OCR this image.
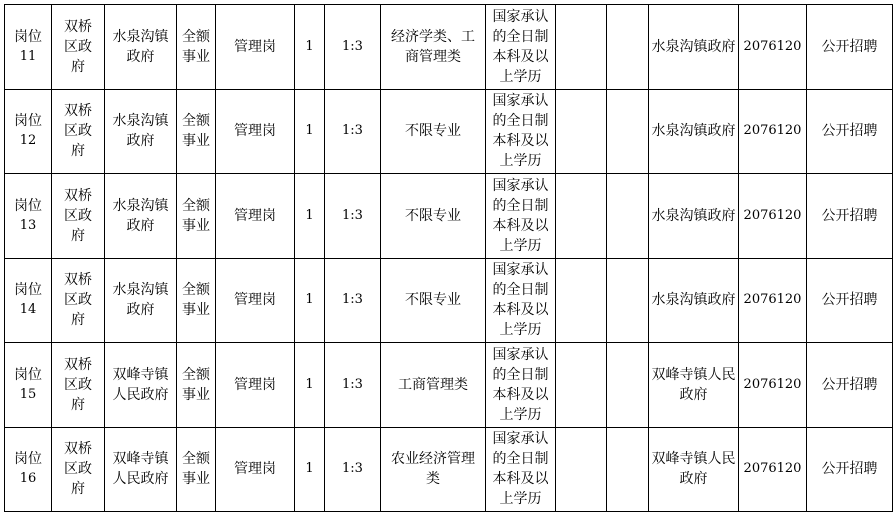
岗位
11	双桥区政府	水泉沟镇政府	全额事业	管理岗	1	1:3	经济学类、工商管理类	国家承认的全日制本科及以上学历			水泉沟镇政府	2076120	公开招聘

岗位
12	双桥区政府	水泉沟镇政府	全额事业	管理岗	1	1:3	不限专业	国家承认的全日制本科及以上学历			水泉沟镇政府	2076120	公开招聘

岗位
13	双桥区政府	水泉沟镇政府	全额事业	管理岗	1	1:3	不限专业	国家承认的全日制本科及以上学历			水泉沟镇政府	2076120	公开招聘

岗位
14	双桥区政府	水泉沟镇政府	全额事业	管理岗	1	1:3	不限专业	国家承认的全日制本科及以上学历			水泉沟镇政府	2076120	公开招聘

岗位
15	双桥区政府	双峰寺镇人民政府	全额事业	管理岗	1	1:3	工商管理类	国家承认的全日制本科及以上学历			双峰寺镇人民政府	2076120	公开招聘

岗位
16	双桥区政府	双峰寺镇人民政府	全额事业	管理岗	1	1:3	农业经济管理类	国家承认的全日制本科及以上学历			双峰寺镇人民政府	2076120	公开招聘
